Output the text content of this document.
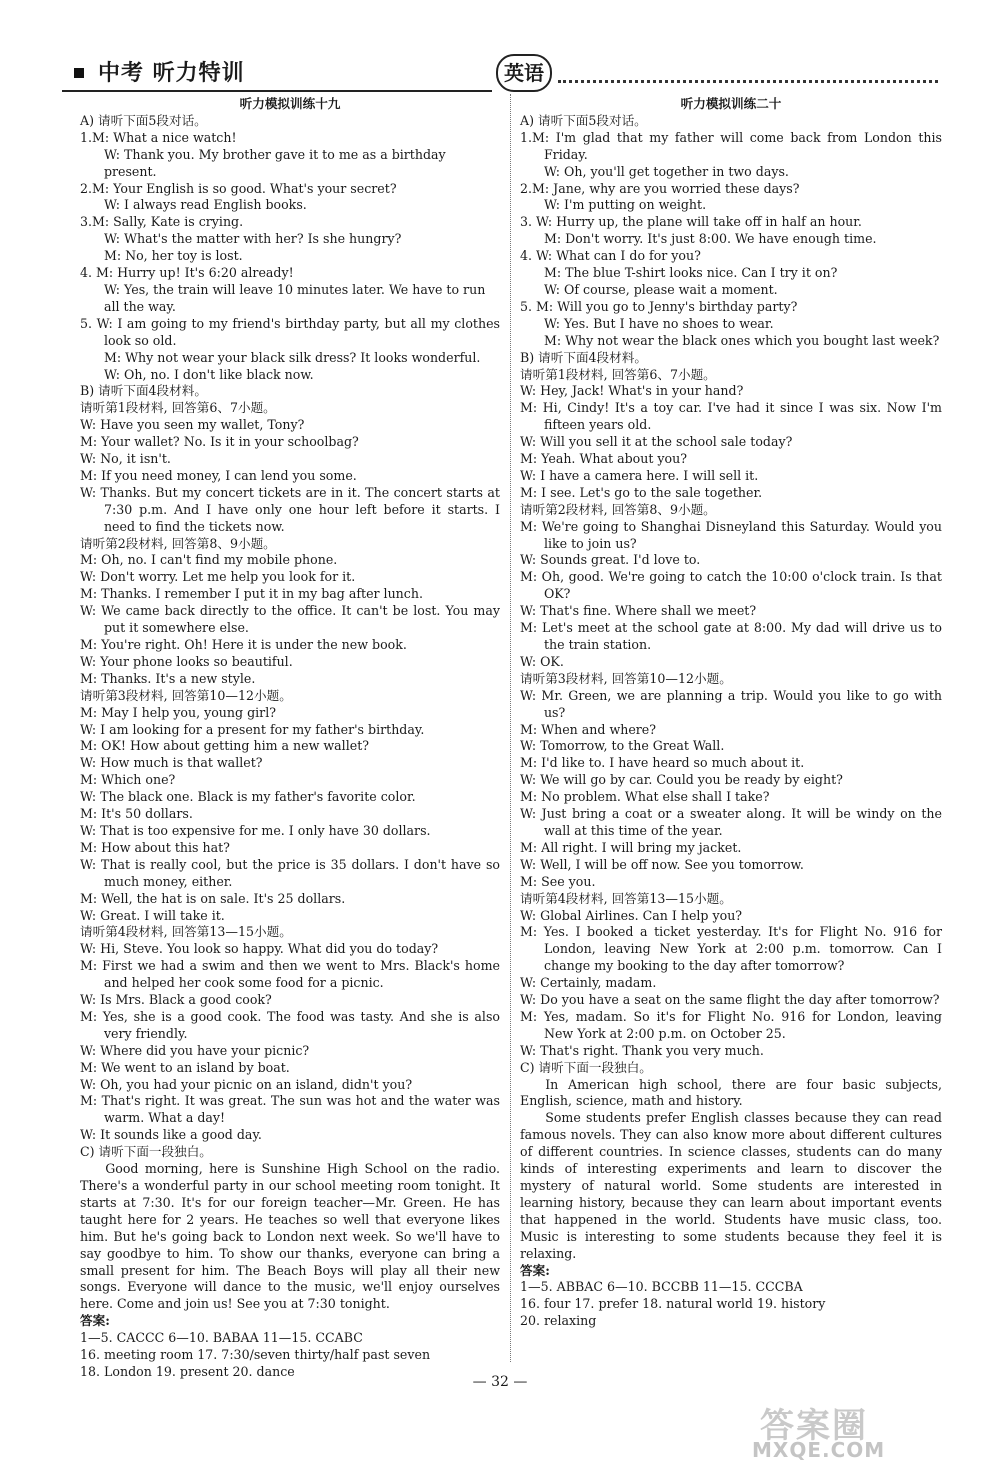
中考 听力特训	英语
听力模拟训练十九
A) 请听下面5段对话。
1.M: What a nice watch!
W: Thank you. My brother gave it to me as a birthday present.
2.M: Your English is so good. What's your secret?
W: I always read English books.
3.M: Sally, Kate is crying.
W: What's the matter with her? Is she hungry?
M: No, her toy is lost.
4. M: Hurry up! It's 6:20 already!
W: Yes, the train will leave 10 minutes later. We have to run all the way.
5. W: I am going to my friend's birthday party, but all my clothes look so old.
M: Why not wear your black silk dress? It looks wonderful.
W: Oh, no. I don't like black now.
B) 请听下面4段材料。
请听第1段材料, 回答第6、7小题。
W: Have you seen my wallet, Tony?
M: Your wallet? No. Is it in your schoolbag?
W: No, it isn't.
M: If you need money, I can lend you some.
W: Thanks. But my concert tickets are in it. The concert starts at 7:30 p.m. And I have only one hour left before it starts. I need to find the tickets now.
请听第2段材料, 回答第8、9小题。
M: Oh, no. I can't find my mobile phone.
W: Don't worry. Let me help you look for it.
M: Thanks. I remember I put it in my bag after lunch.
W: We came back directly to the office. It can't be lost. You may put it somewhere else.
M: You're right. Oh! Here it is under the new book.
W: Your phone looks so beautiful.
M: Thanks. It's a new style.
请听第3段材料, 回答第10—12小题。
M: May I help you, young girl?
W: I am looking for a present for my father's birthday.
M: OK! How about getting him a new wallet?
W: How much is that wallet?
M: Which one?
W: The black one. Black is my father's favorite color.
M: It's 50 dollars.
W: That is too expensive for me. I only have 30 dollars.
M: How about this hat?
W: That is really cool, but the price is 35 dollars. I don't have so much money, either.
M: Well, the hat is on sale. It's 25 dollars.
W: Great. I will take it.
请听第4段材料, 回答第13—15小题。
W: Hi, Steve. You look so happy. What did you do today?
M: First we had a swim and then we went to Mrs. Black's home and helped her cook some food for a picnic.
W: Is Mrs. Black a good cook?
M: Yes, she is a good cook. The food was tasty. And she is also very friendly.
W: Where did you have your picnic?
M: We went to an island by boat.
W: Oh, you had your picnic on an island, didn't you?
M: That's right. It was great. The sun was hot and the water was warm. What a day!
W: It sounds like a good day.
C) 请听下面一段独白。
Good morning, here is Sunshine High School on the radio. There's a wonderful party in our school meeting room tonight. It starts at 7:30. It's for our foreign teacher—Mr. Green. He has taught here for 2 years. He teaches so well that everyone likes him. But he's going back to London next week. So we'll have to say goodbye to him. To show our thanks, everyone can bring a small present for him. The Beach Boys will play all their new songs. Everyone will dance to the music, we'll enjoy ourselves here. Come and join us! See you at 7:30 tonight.
答案:
1—5. CACCC 6—10. BABAA 11—15. CCABC
16. meeting room 17. 7:30/seven thirty/half past seven
18. London 19. present 20. dance
听力模拟训练二十
A) 请听下面5段对话。
1.M: I'm glad that my father will come back from London this Friday.
W: Oh, you'll get together in two days.
2.M: Jane, why are you worried these days?
W: I'm putting on weight.
3. W: Hurry up, the plane will take off in half an hour.
M: Don't worry. It's just 8:00. We have enough time.
4. W: What can I do for you?
M: The blue T-shirt looks nice. Can I try it on?
W: Of course, please wait a moment.
5. M: Will you go to Jenny's birthday party?
W: Yes. But I have no shoes to wear.
M: Why not wear the black ones which you bought last week?
B) 请听下面4段材料。
请听第1段材料, 回答第6、7小题。
W: Hey, Jack! What's in your hand?
M: Hi, Cindy! It's a toy car. I've had it since I was six. Now I'm fifteen years old.
W: Will you sell it at the school sale today?
M: Yeah. What about you?
W: I have a camera here. I will sell it.
M: I see. Let's go to the sale together.
请听第2段材料, 回答第8、9小题。
M: We're going to Shanghai Disneyland this Saturday. Would you like to join us?
W: Sounds great. I'd love to.
M: Oh, good. We're going to catch the 10:00 o'clock train. Is that OK?
W: That's fine. Where shall we meet?
M: Let's meet at the school gate at 8:00. My dad will drive us to the train station.
W: OK.
请听第3段材料, 回答第10—12小题。
W: Mr. Green, we are planning a trip. Would you like to go with us?
M: When and where?
W: Tomorrow, to the Great Wall.
M: I'd like to. I have heard so much about it.
W: We will go by car. Could you be ready by eight?
M: No problem. What else shall I take?
W: Just bring a coat or a sweater along. It will be windy on the wall at this time of the year.
M: All right. I will bring my jacket.
W: Well, I will be off now. See you tomorrow.
M: See you.
请听第4段材料, 回答第13—15小题。
W: Global Airlines. Can I help you?
M: Yes. I booked a ticket yesterday. It's for Flight No. 916 for London, leaving New York at 2:00 p.m. tomorrow. Can I change my booking to the day after tomorrow?
W: Certainly, madam.
W: Do you have a seat on the same flight the day after tomorrow?
M: Yes, madam. So it's for Flight No. 916 for London, leaving New York at 2:00 p.m. on October 25.
W: That's right. Thank you very much.
C) 请听下面一段独白。
In American high school, there are four basic subjects, English, science, math and history.
Some students prefer English classes because they can read famous novels. They can also know more about different cultures of different countries. In science classes, students can do many kinds of interesting experiments and learn to discover the mystery of natural world. Some students are interested in learning history, because they can learn about important events that happened in the world. Students have music class, too. Music is interesting to some students because they feel it is relaxing.
答案:
1—5. ABBAC 6—10. BCCBB 11—15. CCCBA
16. four 17. prefer 18. natural world 19. history
20. relaxing
— 32 —
答案圈
MXQE.COM
